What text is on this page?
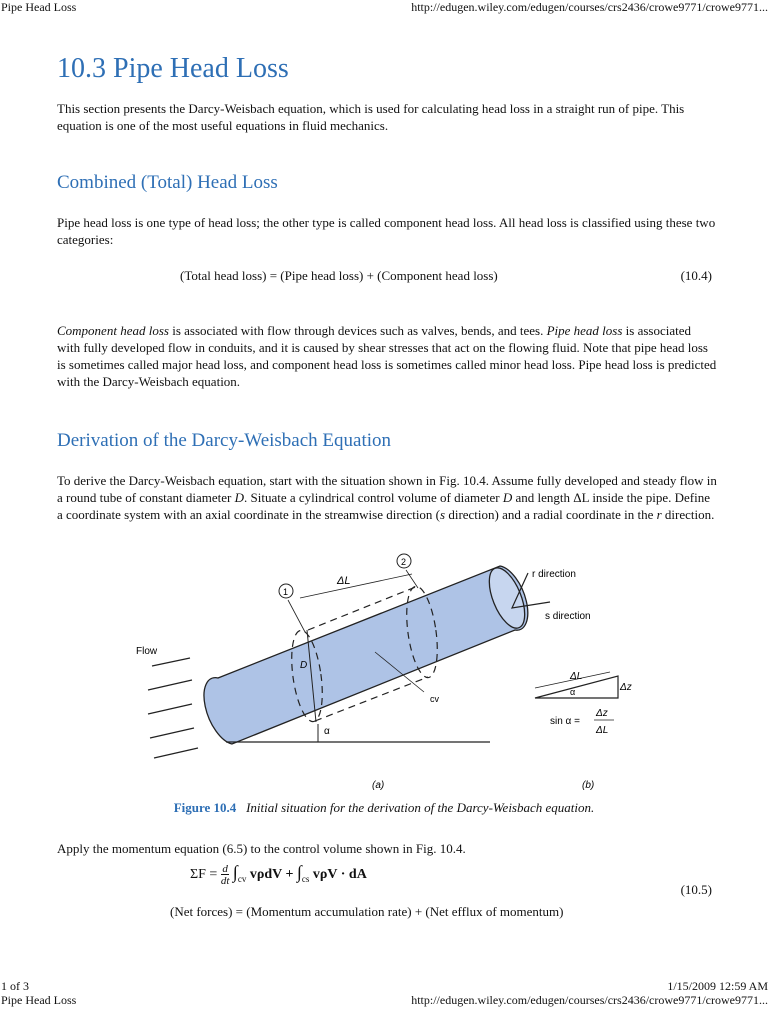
Pipe Head Loss	http://edugen.wiley.com/edugen/courses/crs2436/crowe9771/crowe9771...
10.3 Pipe Head Loss
This section presents the Darcy-Weisbach equation, which is used for calculating head loss in a straight run of pipe. This equation is one of the most useful equations in fluid mechanics.
Combined (Total) Head Loss
Pipe head loss is one type of head loss; the other type is called component head loss. All head loss is classified using these two categories:
(Total head loss) = (Pipe head loss) + (Component head loss)	(10.4)
Component head loss is associated with flow through devices such as valves, bends, and tees. Pipe head loss is associated with fully developed flow in conduits, and it is caused by shear stresses that act on the flowing fluid. Note that pipe head loss is sometimes called major head loss, and component head loss is sometimes called minor head loss. Pipe head loss is predicted with the Darcy-Weisbach equation.
Derivation of the Darcy-Weisbach Equation
To derive the Darcy-Weisbach equation, start with the situation shown in Fig. 10.4. Assume fully developed and steady flow in a round tube of constant diameter D. Situate a cylindrical control volume of diameter D and length ΔL inside the pipe. Define a coordinate system with an axial coordinate in the streamwise direction (s direction) and a radial coordinate in the r direction.
Flow
1
2
ΔL
D
cv
α
r direction
s direction
ΔL
Δz
α
sin α =
Δz
ΔL
(a)	(b)
Figure 10.4 Initial situation for the derivation of the Darcy-Weisbach equation.
Apply the momentum equation (6.5) to the control volume shown in Fig. 10.4.
$\Sigma F = \frac{d}{dt} \int_{cv}$ $v\rho dV + \int_{cs}$ vρV · dA
(10.5)
(Net forces) = (Momentum accumulation rate) + (Net efflux of momentum)
1 of 3	1/15/2009 12:59 AM
Pipe Head Loss	http://edugen.wiley.com/edugen/courses/crs2436/crowe9771/crowe9771...
